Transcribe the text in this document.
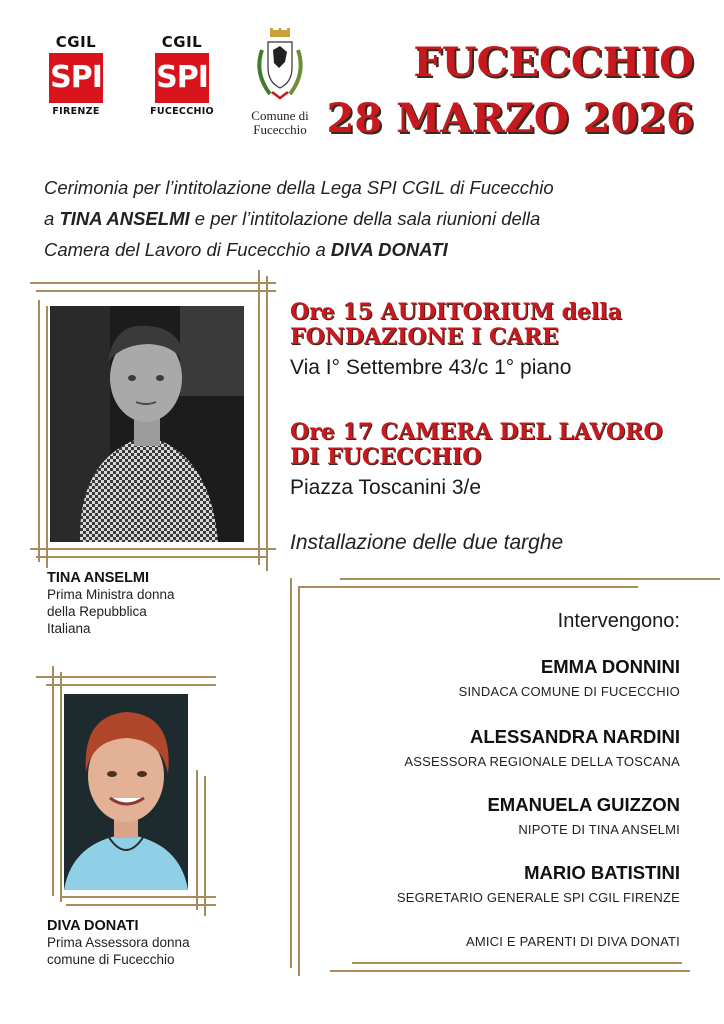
CGIL
SPI
FIRENZE
CGIL
SPI
FUCECCHIO	Comune di
Fucecchio
FUCECCHIO
28 MARZO 2026
Cerimonia per l’intitolazione della Lega SPI CGIL di Fucecchio
a TINA ANSELMI e per l’intitolazione della sala riunioni della
Camera del Lavoro di Fucecchio a DIVA DONATI
TINA ANSELMI
Prima Ministra donna
della Repubblica
Italiana
DIVA DONATI
Prima Assessora donna
comune di Fucecchio
Ore 15 AUDITORIUM della
FONDAZIONE I CARE
Via I° Settembre 43/c 1° piano
Ore 17 CAMERA DEL LAVORO
DI FUCECCHIO
Piazza Toscanini 3/e
Installazione delle due targhe
Intervengono:
EMMA DONNINI
SINDACA COMUNE DI FUCECCHIO
ALESSANDRA NARDINI
ASSESSORA REGIONALE DELLA TOSCANA
EMANUELA GUIZZON
NIPOTE DI TINA ANSELMI
MARIO BATISTINI
SEGRETARIO GENERALE SPI CGIL FIRENZE
AMICI E PARENTI DI DIVA DONATI
